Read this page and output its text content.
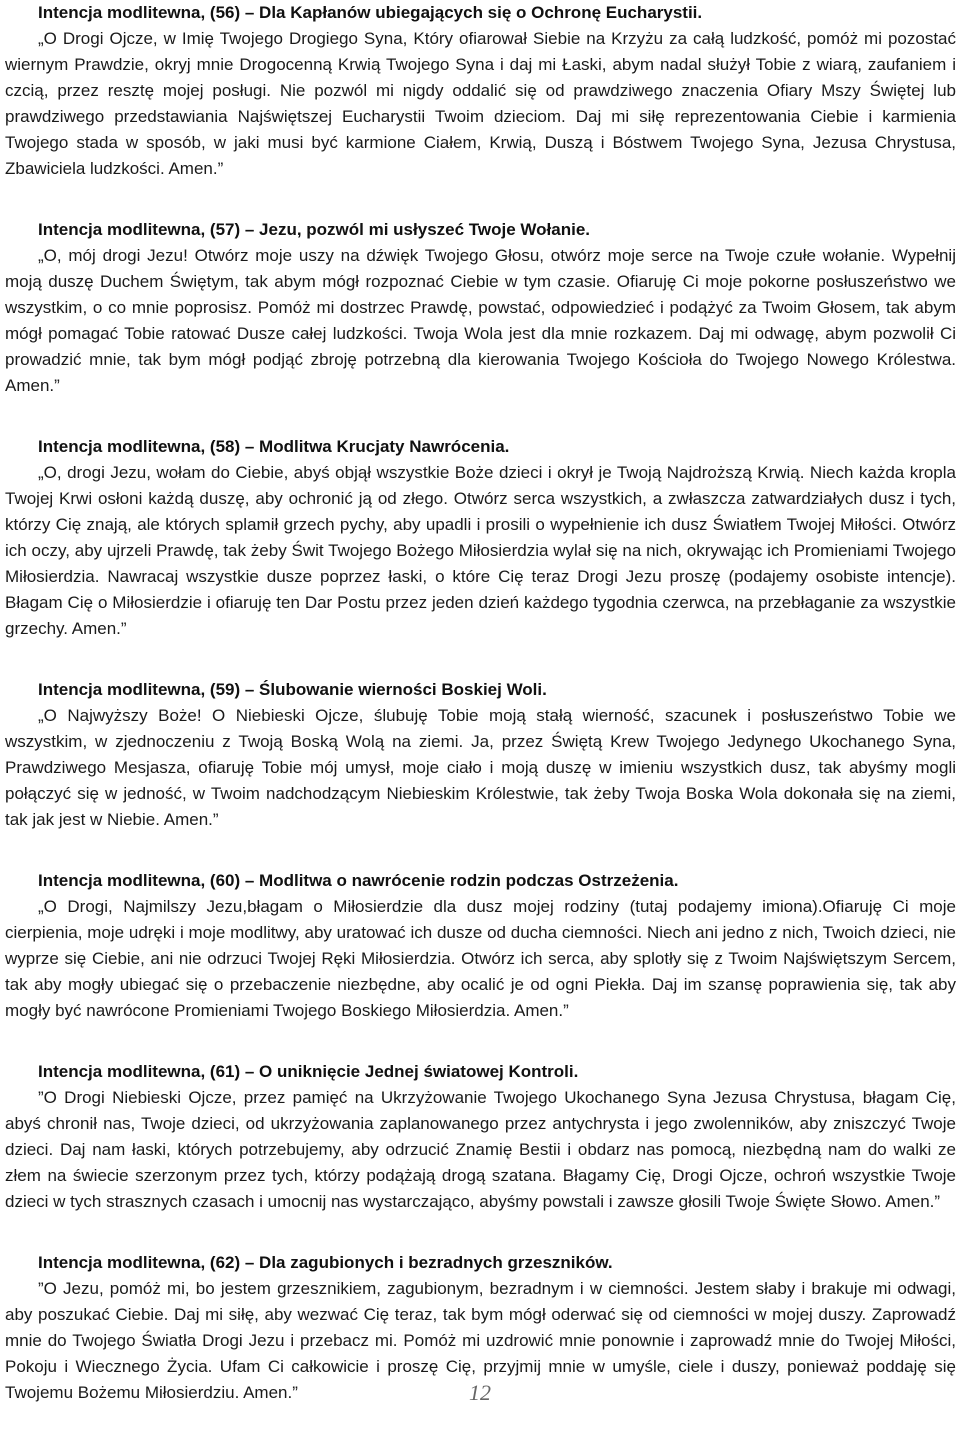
Intencja modlitewna, (56) – Dla Kapłanów ubiegających się o Ochronę Eucharystii.

„O Drogi Ojcze, w Imię Twojego Drogiego Syna, Który ofiarował Siebie na Krzyżu za całą ludzkość, pomóż mi pozostać wiernym Prawdzie, okryj mnie Drogocenną Krwią Twojego Syna i daj mi Łaski, abym nadal służył Tobie z wiarą, zaufaniem i czcią, przez resztę mojej posługi. Nie pozwól mi nigdy oddalić się od prawdziwego znaczenia Ofiary Mszy Świętej lub prawdziwego przedstawiania Najświętszej Eucharystii Twoim dzieciom. Daj mi siłę reprezentowania Ciebie i karmienia Twojego stada w sposób, w jaki musi być karmione Ciałem, Krwią, Duszą i Bóstwem Twojego Syna, Jezusa Chrystusa, Zbawiciela ludzkości. Amen.”

Intencja modlitewna, (57) – Jezu, pozwól mi usłyszeć Twoje Wołanie.

„O, mój drogi Jezu! Otwórz moje uszy na dźwięk Twojego Głosu, otwórz moje serce na Twoje czułe wołanie. Wypełnij moją duszę Duchem Świętym, tak abym mógł rozpoznać Ciebie w tym czasie. Ofiaruję Ci moje pokorne posłuszeństwo we wszystkim, o co mnie poprosisz. Pomóż mi dostrzec Prawdę, powstać, odpowiedzieć i podążyć za Twoim Głosem, tak abym mógł pomagać Tobie ratować Dusze całej ludzkości. Twoja Wola jest dla mnie rozkazem. Daj mi odwagę, abym pozwolił Ci prowadzić mnie, tak bym mógł podjąć zbroję potrzebną dla kierowania Twojego Kościoła do Twojego Nowego Królestwa. Amen.”

Intencja modlitewna, (58) – Modlitwa Krucjaty Nawrócenia.

„O, drogi Jezu, wołam do Ciebie, abyś objął wszystkie Boże dzieci i okrył je Twoją Najdroższą Krwią. Niech każda kropla Twojej Krwi osłoni każdą duszę, aby ochronić ją od złego. Otwórz serca wszystkich, a zwłaszcza zatwardziałych dusz i tych, którzy Cię znają, ale których splamił grzech pychy, aby upadli i prosili o wypełnienie ich dusz Światłem Twojej Miłości. Otwórz ich oczy, aby ujrzeli Prawdę, tak żeby Świt Twojego Bożego Miłosierdzia wylał się na nich, okrywając ich Promieniami Twojego Miłosierdzia. Nawracaj wszystkie dusze poprzez łaski, o które Cię teraz Drogi Jezu proszę (podajemy osobiste intencje). Błagam Cię o Miłosierdzie i ofiaruję ten Dar Postu przez jeden dzień każdego tygodnia czerwca, na przebłaganie za wszystkie grzechy. Amen.”

Intencja modlitewna, (59) – Ślubowanie wierności Boskiej Woli.

„O Najwyższy Boże! O Niebieski Ojcze, ślubuję Tobie moją stałą wierność, szacunek i posłuszeństwo Tobie we wszystkim, w zjednoczeniu z Twoją Boską Wolą na ziemi. Ja, przez Świętą Krew Twojego Jedynego Ukochanego Syna, Prawdziwego Mesjasza, ofiaruję Tobie mój umysł, moje ciało i moją duszę w imieniu wszystkich dusz, tak abyśmy mogli połączyć się w jedność, w Twoim nadchodzącym Niebieskim Królestwie, tak żeby Twoja Boska Wola dokonała się na ziemi, tak jak jest w Niebie. Amen.”

Intencja modlitewna, (60) – Modlitwa o nawrócenie rodzin podczas Ostrzeżenia.

„O Drogi, Najmilszy Jezu,błagam o Miłosierdzie dla dusz mojej rodziny (tutaj podajemy imiona).Ofiaruję Ci moje cierpienia, moje udręki i moje modlitwy, aby uratować ich dusze od ducha ciemności. Niech ani jedno z nich, Twoich dzieci, nie wyprze się Ciebie, ani nie odrzuci Twojej Ręki Miłosierdzia. Otwórz ich serca, aby splotły się z Twoim Najświętszym Sercem, tak aby mogły ubiegać się o przebaczenie niezbędne, aby ocalić je od ogni Piekła. Daj im szansę poprawienia się, tak aby mogły być nawrócone Promieniami Twojego Boskiego Miłosierdzia. Amen.”

Intencja modlitewna, (61) – O uniknięcie Jednej światowej Kontroli.

”O Drogi Niebieski Ojcze, przez pamięć na Ukrzyżowanie Twojego Ukochanego Syna Jezusa Chrystusa, błagam Cię, abyś chronił nas, Twoje dzieci, od ukrzyżowania zaplanowanego przez antychrysta i jego zwolenników, aby zniszczyć Twoje dzieci. Daj nam łaski, których potrzebujemy, aby odrzucić Znamię Bestii i obdarz nas pomocą, niezbędną nam do walki ze złem na świecie szerzonym przez tych, którzy podążają drogą szatana. Błagamy Cię, Drogi Ojcze, ochroń wszystkie Twoje dzieci w tych strasznych czasach i umocnij nas wystarczająco, abyśmy powstali i zawsze głosili Twoje Święte Słowo. Amen.”

Intencja modlitewna, (62) – Dla zagubionych i bezradnych grzeszników.

”O Jezu, pomóż mi, bo jestem grzesznikiem, zagubionym, bezradnym i w ciemności. Jestem słaby i brakuje mi odwagi, aby poszukać Ciebie. Daj mi siłę, aby wezwać Cię teraz, tak bym mógł oderwać się od ciemności w mojej duszy. Zaprowadź mnie do Twojego Światła Drogi Jezu i przebacz mi. Pomóż mi uzdrowić mnie ponownie i zaprowadź mnie do Twojej Miłości, Pokoju i Wiecznego Życia. Ufam Ci całkowicie i proszę Cię, przyjmij mnie w umyśle, ciele i duszy, ponieważ poddaję się Twojemu Bożemu Miłosierdziu. Amen.”	12
